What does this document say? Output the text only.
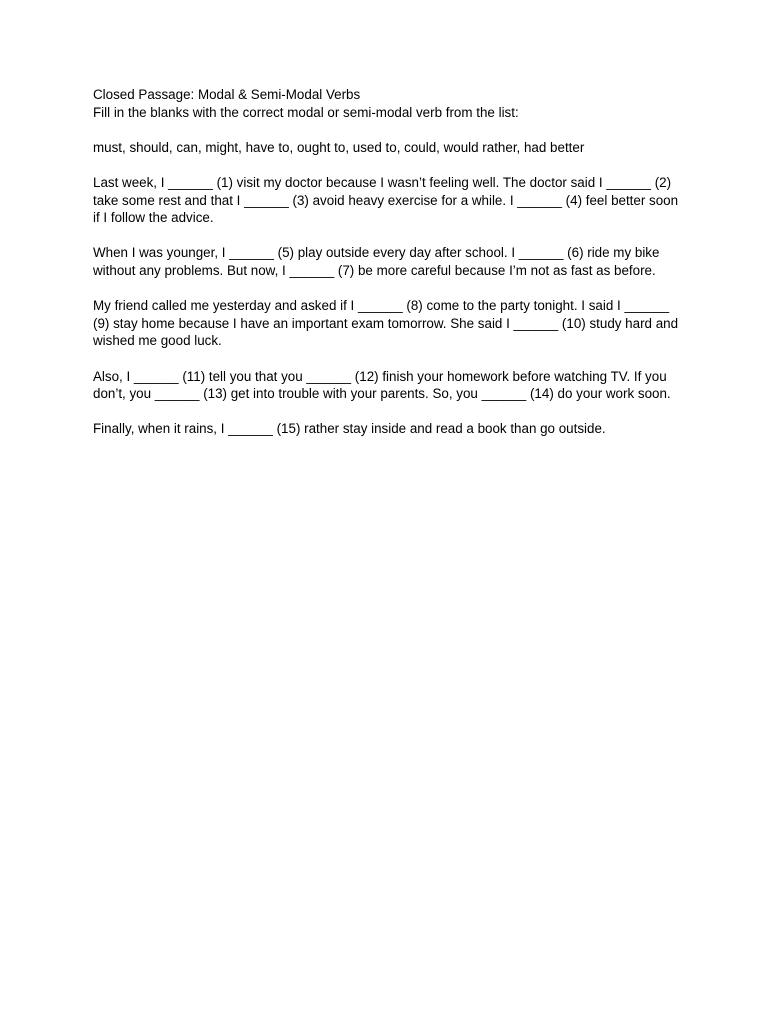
Closed Passage: Modal & Semi-Modal Verbs

Fill in the blanks with the correct modal or semi-modal verb from the list:

must, should, can, might, have to, ought to, used to, could, would rather, had better

Last week, I ______ (1) visit my doctor because I wasn’t feeling well. The doctor said I ______ (2) take some rest and that I ______ (3) avoid heavy exercise for a while. I ______ (4) feel better soon if I follow the advice.

When I was younger, I ______ (5) play outside every day after school. I ______ (6) ride my bike without any problems. But now, I ______ (7) be more careful because I’m not as fast as before.

My friend called me yesterday and asked if I ______ (8) come to the party tonight. I said I ______ (9) stay home because I have an important exam tomorrow. She said I ______ (10) study hard and wished me good luck.

Also, I ______ (11) tell you that you ______ (12) finish your homework before watching TV. If you don’t, you ______ (13) get into trouble with your parents. So, you ______ (14) do your work soon.

Finally, when it rains, I ______ (15) rather stay inside and read a book than go outside.
